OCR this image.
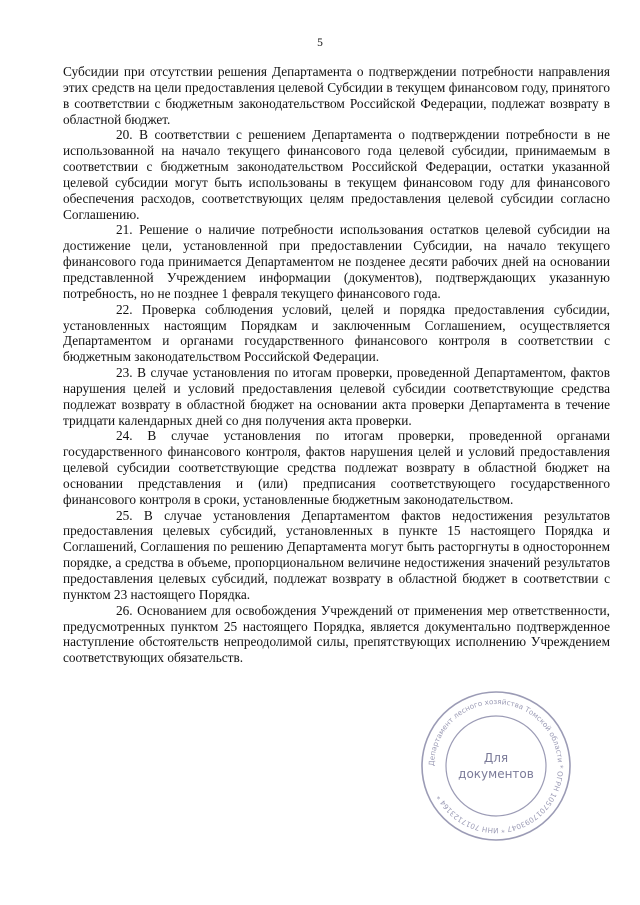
5

Субсидии при отсутствии решения Департамента о подтверждении потребности направления этих средств на цели предоставления целевой Субсидии в текущем финансовом году, принятого в соответствии с бюджетным законодательством Российской Федерации, подлежат возврату в областной бюджет.

20. В соответствии с решением Департамента о подтверждении потребности в не использованной на начало текущего финансового года целевой субсидии, принимаемым в соответствии с бюджетным законодательством Российской Федерации, остатки указанной целевой субсидии могут быть использованы в текущем финансовом году для финансового обеспечения расходов, соответствующих целям предоставления целевой субсидии согласно Соглашению.

21. Решение о наличие потребности использования остатков целевой субсидии на достижение цели, установленной при предоставлении Субсидии, на начало текущего финансового года принимается Департаментом не позденее десяти рабочих дней на основании представленной Учреждением информации (документов), подтверждающих указанную потребность, но не позднее 1 февраля текущего финансового года.

22. Проверка соблюдения условий, целей и порядка предоставления субсидии, установленных настоящим Порядкам и заключенным Соглашением, осуществляется Департаментом и органами государственного финансового контроля в соответствии с бюджетным законодательством Российской Федерации.

23. В случае установления по итогам проверки, проведенной Департаментом, фактов нарушения целей и условий предоставления целевой субсидии соответствующие средства подлежат возврату в областной бюджет на основании акта проверки Департамента в течение тридцати календарных дней со дня получения акта проверки.

24. В случае установления по итогам проверки, проведенной органами государственного финансового контроля, фактов нарушения целей и условий предоставления целевой субсидии соответствующие средства подлежат возврату в областной бюджет на основании представления и (или) предписания соответствующего государственного финансового контроля в сроки, установленные бюджетным законодательством.

25. В случае установления Департаментом фактов недостижения результатов предоставления целевых субсидий, установленных в пункте 15 настоящего Порядка и Соглашений, Соглашения по решению Департамента могут быть расторгнуты в одностороннем порядке, а средства в объеме, пропорциональном величине недостижения значений результатов предоставления целевых субсидий, подлежат возврату в областной бюджет в соответствии с пунктом 23 настоящего Порядка.

26. Основанием для освобождения Учреждений от применения мер ответственности, предусмотренных пунктом 25 настоящего Порядка, является документально подтвержденное наступление обстоятельств непреодолимой силы, препятствующих исполнению Учреждением соответствующих обязательств.

Департамент лесного хозяйства Томской области * ОГРН 1057017093047 * ИНН 7017123164 *
Для
документов
